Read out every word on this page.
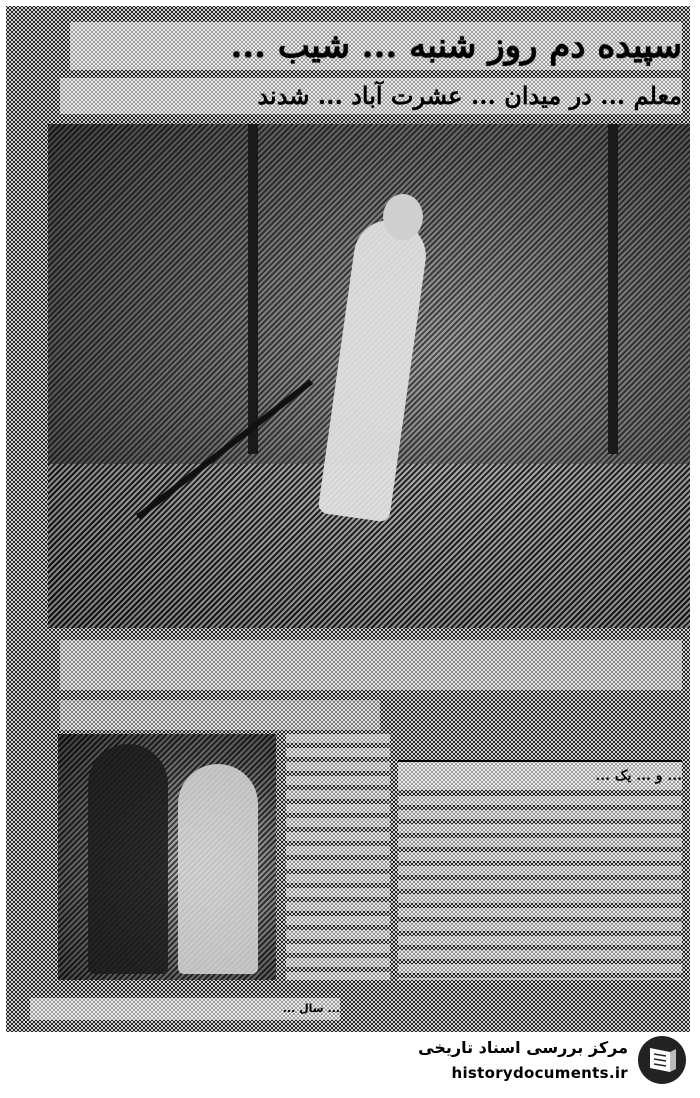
سپیده دم روز شنبه ... شیب ...
معلم ... در میدان ... عشرت آباد ... شدند
... و ... یک ...
... سال ...
مرکز بررسی اسناد تاریخی
historydocuments.ir
